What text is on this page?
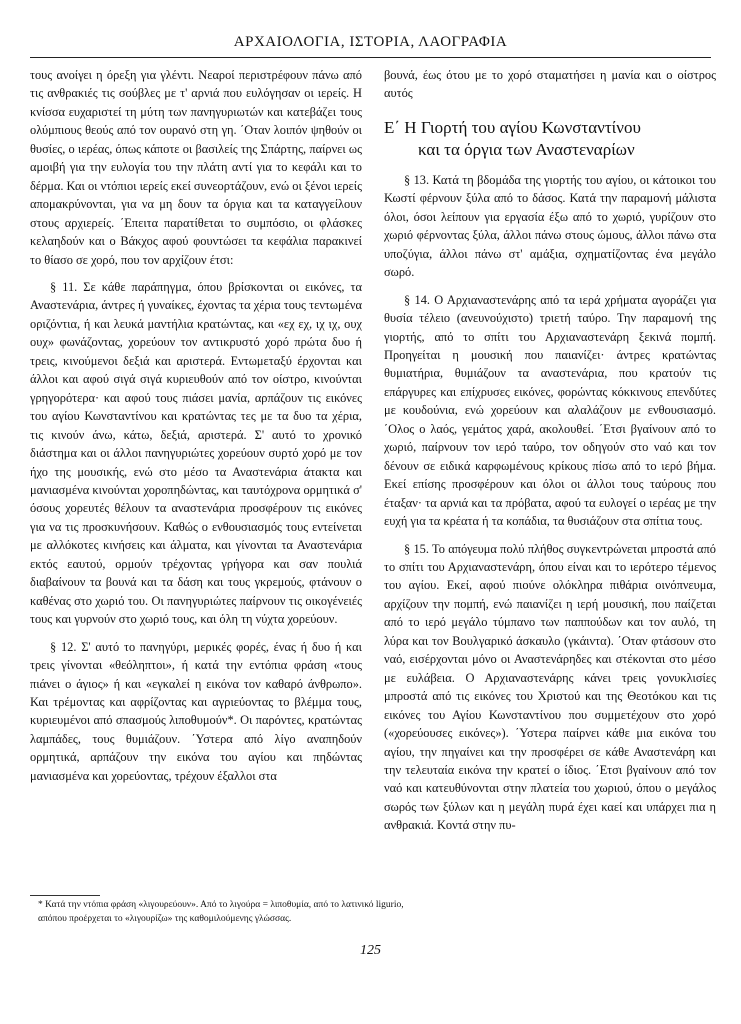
ΑΡΧΑΙΟΛΟΓΙΑ, ΙΣΤΟΡΙΑ, ΛΑΟΓΡΑΦΙΑ

τους ανοίγει η όρεξη για γλέντι. Νεαροί περιστρέφουν πάνω από τις ανθρακιές τις σούβλες με τ' αρνιά που ευλόγησαν οι ιερείς. Η κνίσσα ευχαριστεί τη μύτη των πανηγυριωτών και κατεβάζει τους ολύμπιους θεούς από τον ουρανό στη γη. ΄Οταν λοιπόν ψηθούν οι θυσίες, ο ιερέας, όπως κάποτε οι βασιλείς της Σπάρτης, παίρνει ως αμοιβή για την ευλογία του την πλάτη αντί για το κεφάλι και το δέρμα. Και οι ντόπιοι ιερείς εκεί συνεορτάζουν, ενώ οι ξένοι ιερείς απομακρύνονται, για να μη δουν τα όργια και τα καταγγείλουν στους αρχιερείς. ΄Επειτα παρατίθεται το συμπόσιο, οι φλάσκες κελαηδούν και ο Βάκχος αφού φουντώσει τα κεφάλια παρακινεί το θίασο σε χορό, που τον αρχίζουν έτσι:

§ 11. Σε κάθε παράπηγμα, όπου βρίσκονται οι εικόνες, τα Αναστενάρια, άντρες ή γυναίκες, έχοντας τα χέρια τους τεντωμένα οριζόντια, ή και λευκά μαντήλια κρατώντας, και «εχ εχ, ιχ ιχ, ουχ ουχ» φωνάζοντας, χορεύουν τον αντικρυστό χορό πρώτα δυο ή τρεις, κινούμενοι δεξιά και αριστερά. Εντωμεταξύ έρχονται και άλλοι και αφού σιγά σιγά κυριευθούν από τον οίστρο, κινούνται γρηγορότερα· και αφού τους πιάσει μανία, αρπάζουν τις εικόνες του αγίου Κωνσταντίνου και κρατώντας τες με τα δυο τα χέρια, τις κινούν άνω, κάτω, δεξιά, αριστερά. Σ' αυτό το χρονικό διάστημα και οι άλλοι πανηγυριώτες χορεύουν συρτό χορό με τον ήχο της μουσικής, ενώ στο μέσο τα Αναστενάρια άτακτα και μανιασμένα κινούνται χοροπηδώντας, και ταυτόχρονα ορμητικά σ' όσους χορευτές θέλουν τα αναστενάρια προσφέρουν τις εικόνες για να τις προσκυνήσουν. Καθώς ο ενθουσιασμός τους εντείνεται με αλλόκοτες κινήσεις και άλματα, και γίνονται τα Αναστενάρια εκτός εαυτού, ορμούν τρέχοντας γρήγορα και σαν πουλιά διαβαίνουν τα βουνά και τα δάση και τους γκρεμούς, φτάνουν ο καθένας στο χωριό του. Οι πανηγυριώτες παίρνουν τις οικογένειές τους και γυρνούν στο χωριό τους, και όλη τη νύχτα χορεύουν.

§ 12. Σ' αυτό το πανηγύρι, μερικές φορές, ένας ή δυο ή και τρεις γίνονται «θεόληπτοι», ή κατά την εντόπια φράση «τους πιάνει ο άγιος» ή και «εγκαλεί η εικόνα τον καθαρό άνθρωπο». Και τρέμοντας και αφρίζοντας και αγριεύοντας το βλέμμα τους, κυριευμένοι από σπασμούς λιποθυμούν*. Οι παρόντες, κρατώντας λαμπάδες, τους θυμιάζουν. ΄Υστερα από λίγο αναπηδούν ορμητικά, αρπάζουν την εικόνα του αγίου και πηδώντας μανιασμένα και χορεύοντας, τρέχουν έξαλλοι στα

βουνά, έως ότου με το χορό σταματήσει η μανία και ο οίστρος αυτός

Ε΄ Η Γιορτή του αγίου Κωνσταντίνου
και τα όργια των Αναστεναρίων

§ 13. Κατά τη βδομάδα της γιορτής του αγίου, οι κάτοικοι του Κωστί φέρνουν ξύλα από το δάσος. Κατά την παραμονή μάλιστα όλοι, όσοι λείπουν για εργασία έξω από το χωριό, γυρίζουν στο χωριό φέρνοντας ξύλα, άλλοι πάνω στους ώμους, άλλοι πάνω στα υποζύγια, άλλοι πάνω στ' αμάξια, σχηματίζοντας ένα μεγάλο σωρό.

§ 14. Ο Αρχιαναστενάρης από τα ιερά χρήματα αγοράζει για θυσία τέλειο (ανευνούχιστο) τριετή ταύρο. Την παραμονή της γιορτής, από το σπίτι του Αρχιαναστενάρη ξεκινά πομπή. Προηγείται η μουσική που παιανίζει· άντρες κρατώντας θυμιατήρια, θυμιάζουν τα αναστενάρια, που κρατούν τις επάργυρες και επίχρυσες εικόνες, φορώντας κόκκινους επενδύτες με κουδούνια, ενώ χορεύουν και αλαλάζουν με ενθουσιασμό. ΄Ολος ο λαός, γεμάτος χαρά, ακολουθεί. ΄Ετσι βγαίνουν από το χωριό, παίρνουν τον ιερό ταύρο, τον οδηγούν στο ναό και τον δένουν σε ειδικά καρφωμένους κρίκους πίσω από το ιερό βήμα. Εκεί επίσης προσφέρουν και όλοι οι άλλοι τους ταύρους που έταξαν· τα αρνιά και τα πρόβατα, αφού τα ευλογεί ο ιερέας με την ευχή για τα κρέατα ή τα κοπάδια, τα θυσιάζουν στα σπίτια τους.

§ 15. Το απόγευμα πολύ πλήθος συγκεντρώνεται μπροστά από το σπίτι του Αρχιαναστενάρη, όπου είναι και το ιερότερο τέμενος του αγίου. Εκεί, αφού πιούνε ολόκληρα πιθάρια οινόπνευμα, αρχίζουν την πομπή, ενώ παιανίζει η ιερή μουσική, που παίζεται από το ιερό μεγάλο τύμπανο των παππούδων και τον αυλό, τη λύρα και τον Βουλγαρικό άσκαυλο (γκάιντα). ΄Οταν φτάσουν στο ναό, εισέρχονται μόνο οι Αναστενάρηδες και στέκονται στο μέσο με ευλάβεια. Ο Αρχιαναστενάρης κάνει τρεις γονυκλισίες μπροστά από τις εικόνες του Χριστού και της Θεοτόκου και τις εικόνες του Αγίου Κωνσταντίνου που συμμετέχουν στο χορό («χορεύουσες εικόνες»). ΄Υστερα παίρνει κάθε μια εικόνα του αγίου, την πηγαίνει και την προσφέρει σε κάθε Αναστενάρη και την τελευταία εικόνα την κρατεί ο ίδιος. ΄Ετσι βγαίνουν από τον ναό και κατευθύνονται στην πλατεία του χωριού, όπου ο μεγάλος σωρός των ξύλων και η μεγάλη πυρά έχει καεί και υπάρχει πια η ανθρακιά. Κοντά στην πυ-

* Κατά την ντόπια φράση «λιγουρεύουν». Από το λιγούρα = λιποθυμία, από το λατινικό ligurio,
απόπου προέρχεται το «λιγουρίζω» της καθομιλούμενης γλώσσας.
125
